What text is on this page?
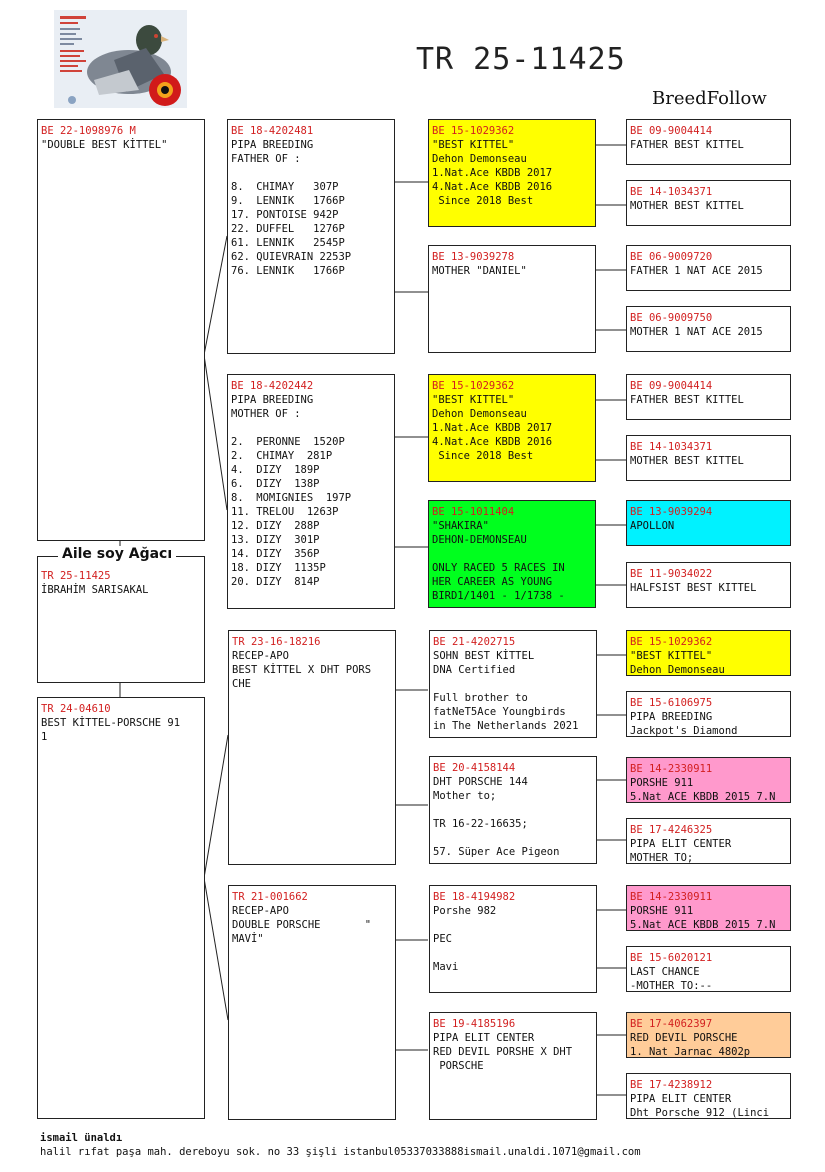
TR 25-11425
BreedFollow
BE 22-1098976 M
"DOUBLE BEST KİTTEL"
TR 25-11425
İBRAHİM SARISAKAL
Aile soy Ağacı
TR 24-04610
BEST KİTTEL-PORSCHE 91
1
BE 18-4202481
PIPA BREEDING
FATHER OF :

8.  CHIMAY   307P
9.  LENNIK   1766P
17. PONTOISE 942P
22. DUFFEL   1276P
61. LENNIK   2545P
62. QUIEVRAIN 2253P
76. LENNIK   1766P
BE 18-4202442
PIPA BREEDING
MOTHER OF :

2.  PERONNE  1520P
2.  CHIMAY  281P
4.  DIZY  189P
6.  DIZY  138P
8.  MOMIGNIES  197P
11. TRELOU  1263P
12. DIZY  288P
13. DIZY  301P
14. DIZY  356P
18. DIZY  1135P
20. DIZY  814P
TR 23-16-18216
RECEP-APO
BEST KİTTEL X DHT PORS
CHE
TR 21-001662
RECEP-APO
DOUBLE PORSCHE       "
MAVİ"
BE 15-1029362
"BEST KITTEL"
Dehon Demonseau
1.Nat.Ace KBDB 2017
4.Nat.Ace KBDB 2016
Since 2018 Best
BE 13-9039278
MOTHER "DANIEL"
BE 15-1029362
"BEST KITTEL"
Dehon Demonseau
1.Nat.Ace KBDB 2017
4.Nat.Ace KBDB 2016
Since 2018 Best
BE 15-1011404
"SHAKIRA"
DEHON-DEMONSEAU

ONLY RACED 5 RACES IN
HER CAREER AS YOUNG
BIRD1/1401 - 1/1738 -
BE 21-4202715
SOHN BEST KİTTEL
DNA Certified

Full brother to
fatNeT5Ace Youngbirds
in The Netherlands 2021
BE 20-4158144
DHT PORSCHE 144
Mother to;

TR 16-22-16635;

57. Süper Ace Pigeon
BE 18-4194982
Porshe 982

PEC

Mavi
BE 19-4185196
PIPA ELIT CENTER
RED DEVIL PORSHE X DHT
PORSCHE
BE 09-9004414
FATHER BEST KITTEL
BE 14-1034371
MOTHER BEST KITTEL
BE 06-9009720
FATHER 1 NAT ACE 2015
BE 06-9009750
MOTHER 1 NAT ACE 2015
BE 09-9004414
FATHER BEST KITTEL
BE 14-1034371
MOTHER BEST KITTEL
BE 13-9039294
APOLLON
BE 11-9034022
HALFSIST BEST KITTEL
BE 15-1029362
"BEST KITTEL"
Dehon Demonseau
BE 15-6106975
PIPA BREEDING
Jackpot's Diamond
BE 14-2330911
PORSHE 911
5.Nat ACE KBDB 2015 7.N
BE 17-4246325
PIPA ELIT CENTER
MOTHER TO;
BE 14-2330911
PORSHE 911
5.Nat ACE KBDB 2015 7.N
BE 15-6020121
LAST CHANCE
-MOTHER TO:--
BE 17-4062397
RED DEVIL PORSCHE
1. Nat Jarnac 4802p
BE 17-4238912
PIPA ELIT CENTER
Dht Porsche 912 (Linci
ismail ünaldı
halil rıfat paşa mah. dereboyu sok. no 33 şişli istanbul05337033888ismail.unaldi.1071@gmail.com
